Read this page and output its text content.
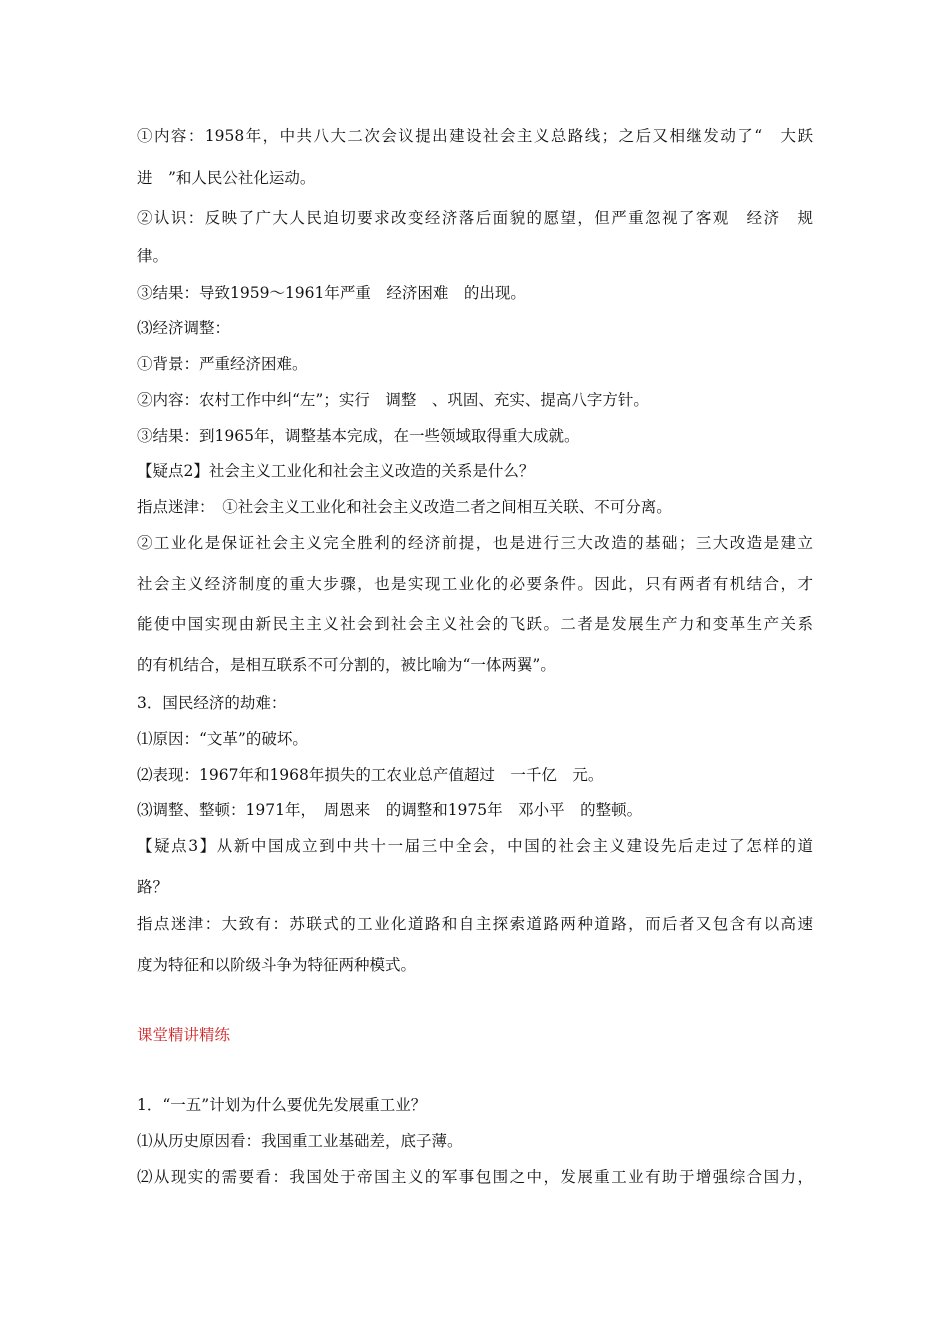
①内容：1958年，中共八大二次会议提出建设社会主义总路线；之后又相继发动了“　大跃
进　”和人民公社化运动。
②认识：反映了广大人民迫切要求改变经济落后面貌的愿望，但严重忽视了客观　经济　规
律。
③结果：导致1959～1961年严重　经济困难　的出现。
⑶经济调整：
①背景：严重经济困难。
②内容：农村工作中纠“左”；实行　调整　、巩固、充实、提高八字方针。
③结果：到1965年，调整基本完成，在一些领域取得重大成就。
【疑点2】社会主义工业化和社会主义改造的关系是什么？
指点迷津：　①社会主义工业化和社会主义改造二者之间相互关联、不可分离。
②工业化是保证社会主义完全胜利的经济前提，也是进行三大改造的基础；三大改造是建立
社会主义经济制度的重大步骤，也是实现工业化的必要条件。因此，只有两者有机结合，才
能使中国实现由新民主主义社会到社会主义社会的飞跃。二者是发展生产力和变革生产关系
的有机结合，是相互联系不可分割的，被比喻为“一体两翼”。
3．国民经济的劫难：
⑴原因：“文革”的破坏。
⑵表现：1967年和1968年损失的工农业总产值超过　一千亿　元。
⑶调整、整顿：1971年，　周恩来　的调整和1975年　邓小平　的整顿。
【疑点3】从新中国成立到中共十一届三中全会，中国的社会主义建设先后走过了怎样的道
路？
指点迷津：大致有：苏联式的工业化道路和自主探索道路两种道路，而后者又包含有以高速
度为特征和以阶级斗争为特征两种模式。
课堂精讲精练
1．“一五”计划为什么要优先发展重工业？
⑴从历史原因看：我国重工业基础差，底子薄。
⑵从现实的需要看：我国处于帝国主义的军事包围之中，发展重工业有助于增强综合国力，
